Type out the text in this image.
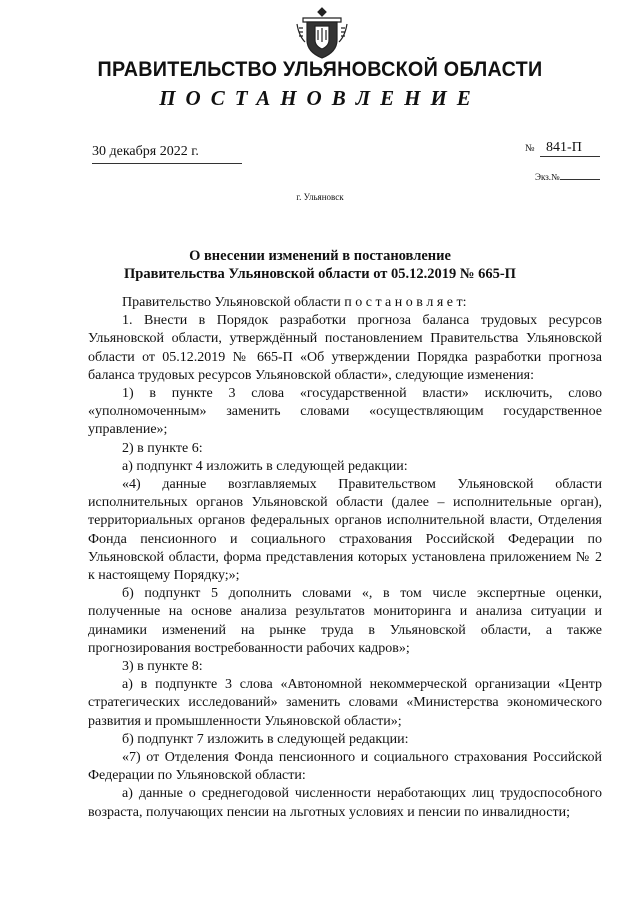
ПРАВИТЕЛЬСТВО УЛЬЯНОВСКОЙ ОБЛАСТИ
ПОСТАНОВЛЕНИЕ
30 декабря 2022 г.	№ 841-П
Экз.№
г. Ульяновск
О внесении изменений в постановление
Правительства Ульяновской области от 05.12.2019 № 665-П

Правительство Ульяновской области п о с т а н о в л я е т:

1. Внести в Порядок разработки прогноза баланса трудовых ресурсов Ульяновской области, утверждённый постановлением Правительства Ульяновской области от 05.12.2019 № 665-П «Об утверждении Порядка разработки прогноза баланса трудовых ресурсов Ульяновской области», следующие изменения:

1) в пункте 3 слова «государственной власти» исключить, слово «уполномоченным» заменить словами «осуществляющим государственное управление»;

2) в пункте 6:

а) подпункт 4 изложить в следующей редакции:

«4) данные возглавляемых Правительством Ульяновской области исполнительных органов Ульяновской области (далее – исполнительные орган), территориальных органов федеральных органов исполнительной власти, Отделения Фонда пенсионного и социального страхования Российской Федерации по Ульяновской области, форма представления которых установлена приложением № 2 к настоящему Порядку;»;

б) подпункт 5 дополнить словами «, в том числе экспертные оценки, полученные на основе анализа результатов мониторинга и анализа ситуации и динамики изменений на рынке труда в Ульяновской области, а также прогнозирования востребованности рабочих кадров»;

3) в пункте 8:

а) в подпункте 3 слова «Автономной некоммерческой организации «Центр стратегических исследований» заменить словами «Министерства экономического развития и промышленности Ульяновской области»;

б) подпункт 7 изложить в следующей редакции:

«7) от Отделения Фонда пенсионного и социального страхования Российской Федерации по Ульяновской области:

а) данные о среднегодовой численности неработающих лиц трудоспособного возраста, получающих пенсии на льготных условиях и пенсии по инвалидности;
